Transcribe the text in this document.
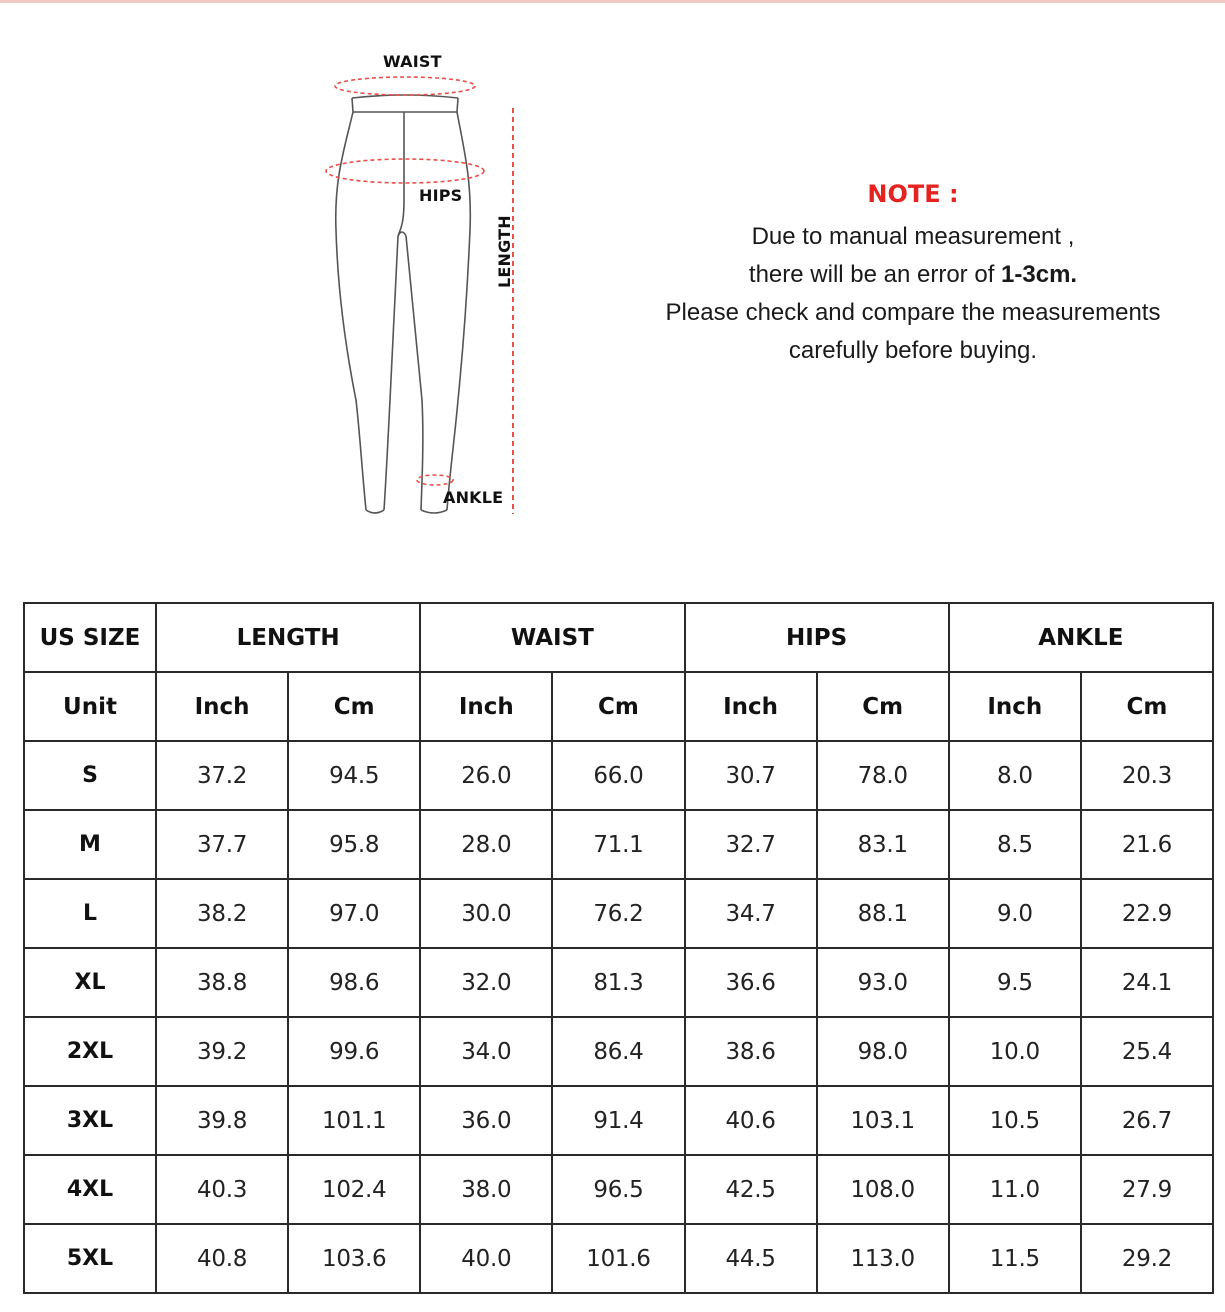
WAIST
HIPS
ANKLE
LENGTH
NOTE :
Due to manual measurement ,
there will be an error of 1-3cm.
Please check and compare the measurements
carefully before buying.
US SIZE	LENGTH		WAIST		HIPS		ANKLE	
Unit	Inch	Cm	Inch	Cm	Inch	Cm	Inch	Cm
S	37.2	94.5	26.0	66.0	30.7	78.0	8.0	20.3
M	37.7	95.8	28.0	71.1	32.7	83.1	8.5	21.6
L	38.2	97.0	30.0	76.2	34.7	88.1	9.0	22.9
XL	38.8	98.6	32.0	81.3	36.6	93.0	9.5	24.1
2XL	39.2	99.6	34.0	86.4	38.6	98.0	10.0	25.4
3XL	39.8	101.1	36.0	91.4	40.6	103.1	10.5	26.7
4XL	40.3	102.4	38.0	96.5	42.5	108.0	11.0	27.9
5XL	40.8	103.6	40.0	101.6	44.5	113.0	11.5	29.2
